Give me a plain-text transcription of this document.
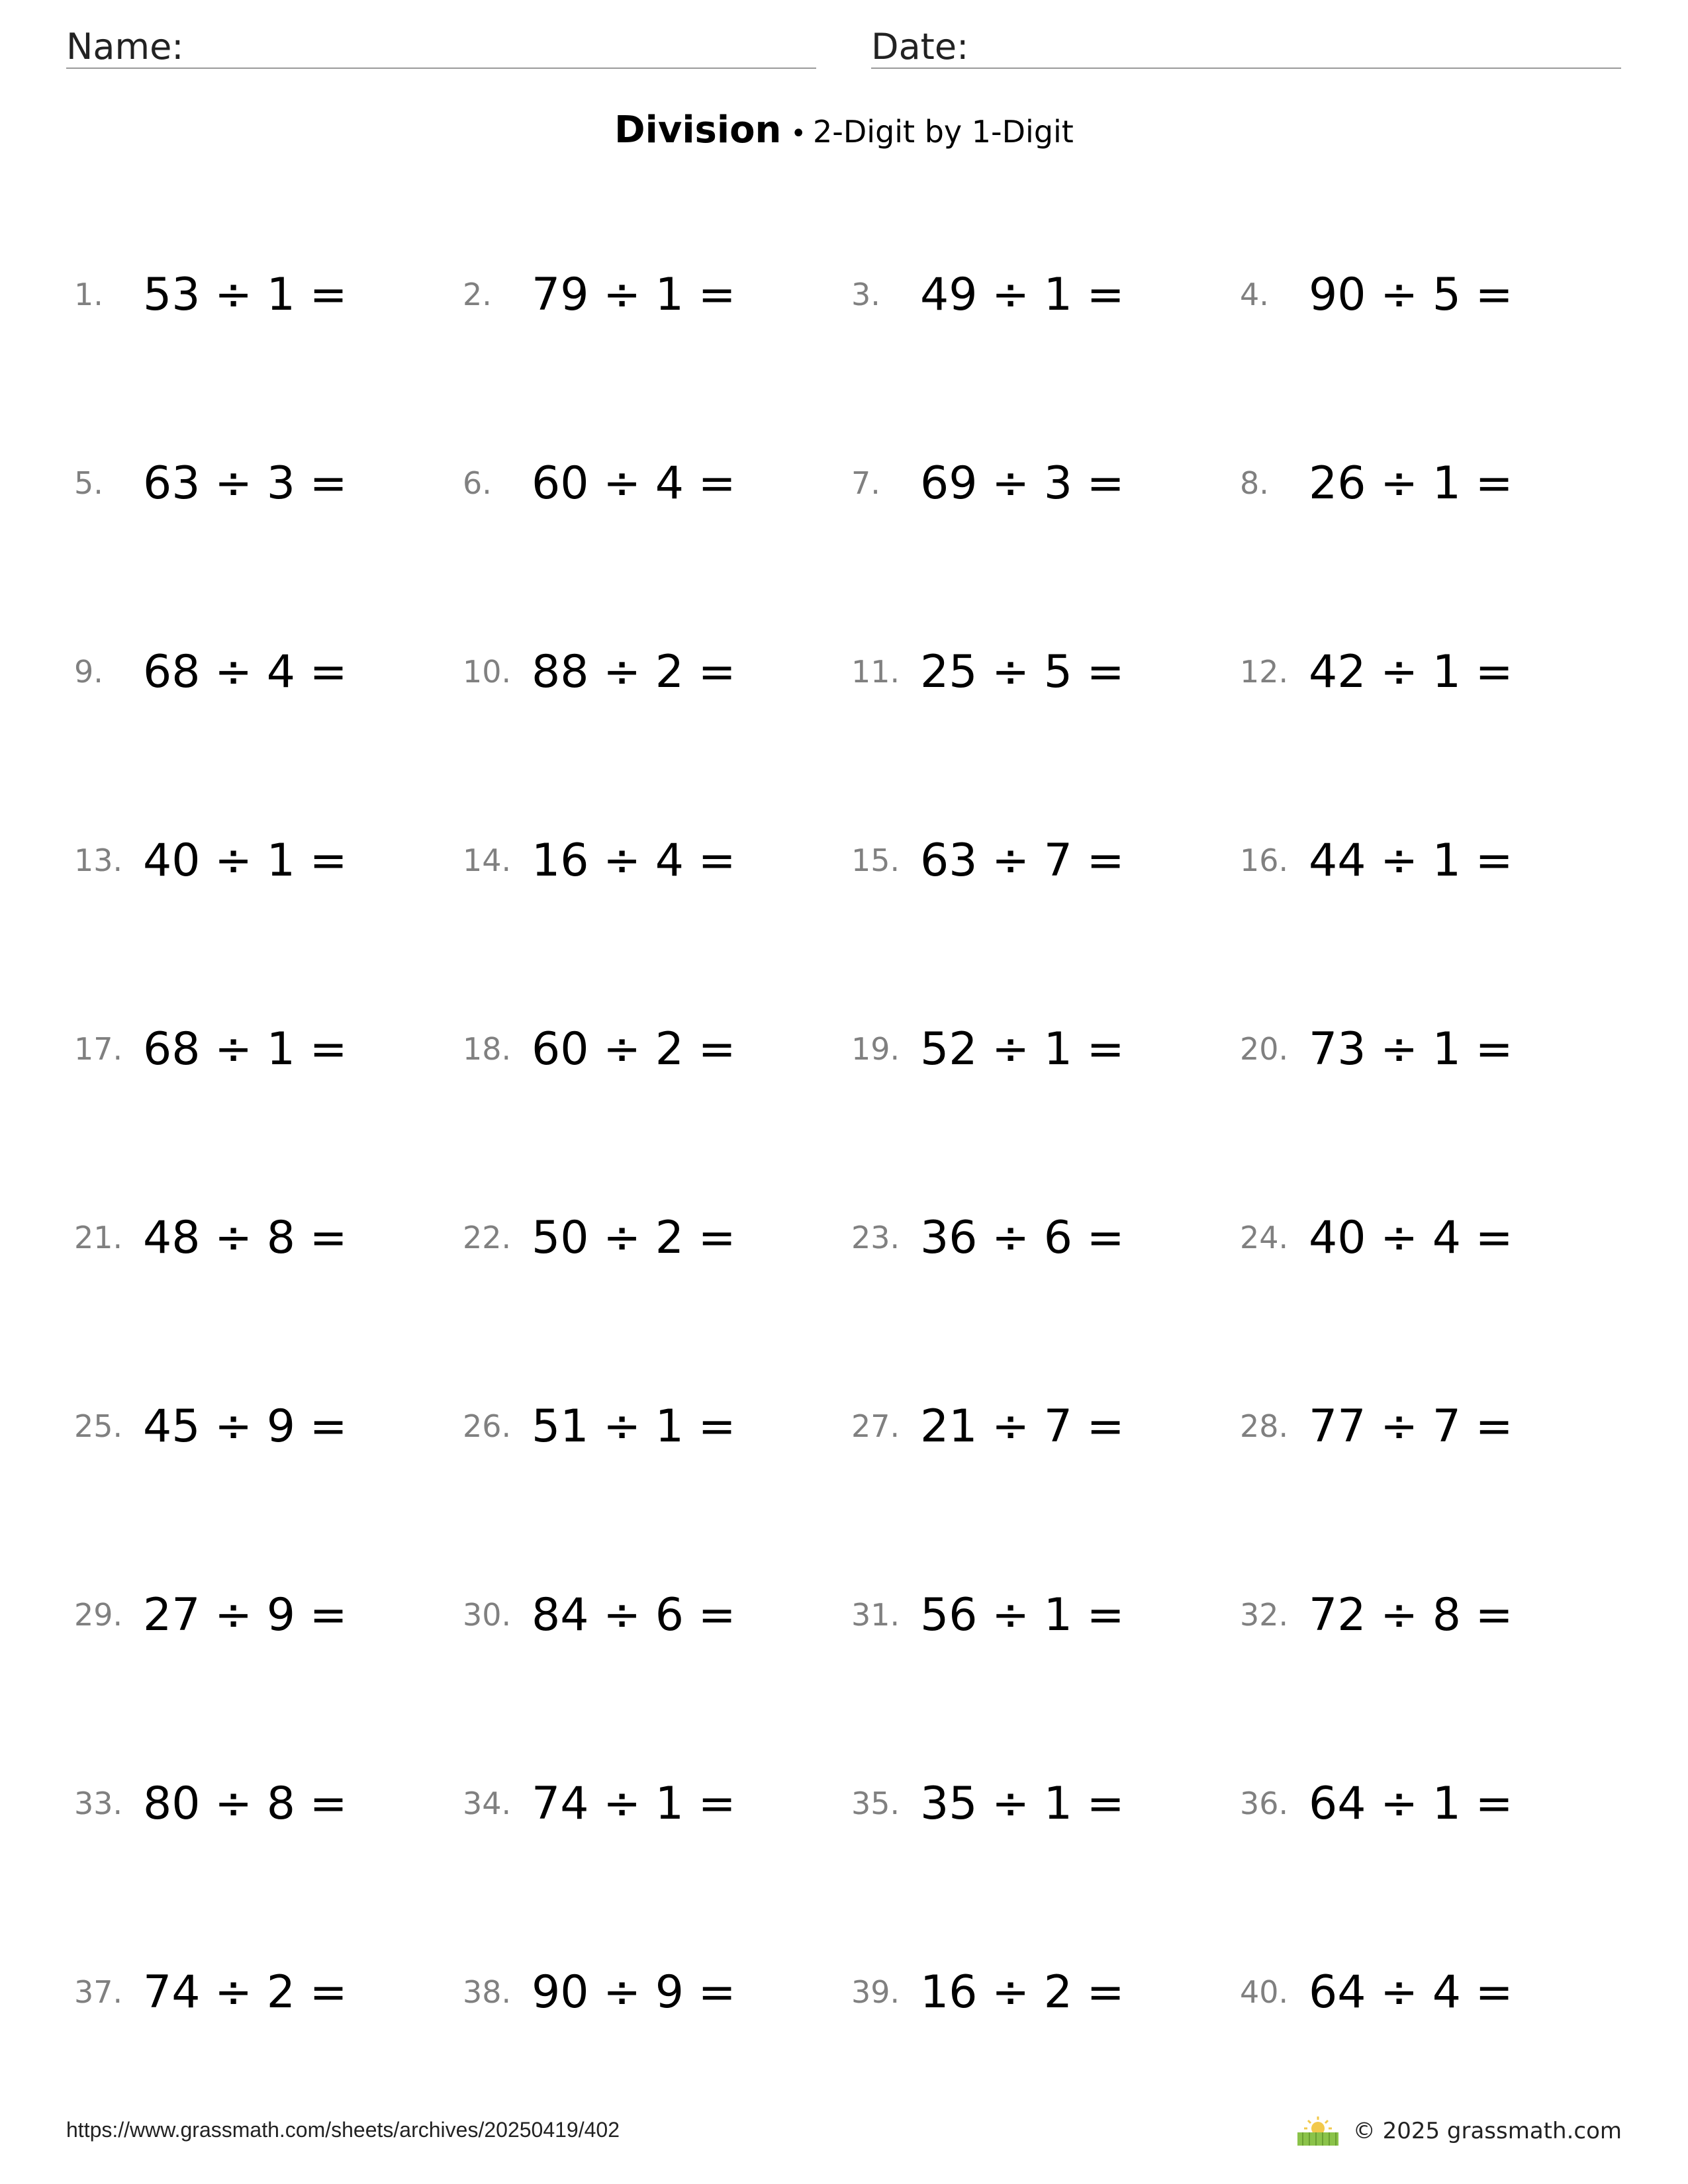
Name:	Date:
Division • 2-Digit by 1-Digit
1. 53 ÷ 1 =	2. 79 ÷ 1 =	3. 49 ÷ 1 =	4. 90 ÷ 5 =
5. 63 ÷ 3 =	6. 60 ÷ 4 =	7. 69 ÷ 3 =	8. 26 ÷ 1 =
9. 68 ÷ 4 =	10. 88 ÷ 2 =	11. 25 ÷ 5 =	12. 42 ÷ 1 =
13. 40 ÷ 1 =	14. 16 ÷ 4 =	15. 63 ÷ 7 =	16. 44 ÷ 1 =
17. 68 ÷ 1 =	18. 60 ÷ 2 =	19. 52 ÷ 1 =	20. 73 ÷ 1 =
21. 48 ÷ 8 =	22. 50 ÷ 2 =	23. 36 ÷ 6 =	24. 40 ÷ 4 =
25. 45 ÷ 9 =	26. 51 ÷ 1 =	27. 21 ÷ 7 =	28. 77 ÷ 7 =
29. 27 ÷ 9 =	30. 84 ÷ 6 =	31. 56 ÷ 1 =	32. 72 ÷ 8 =
33. 80 ÷ 8 =	34. 74 ÷ 1 =	35. 35 ÷ 1 =	36. 64 ÷ 1 =
37. 74 ÷ 2 =	38. 90 ÷ 9 =	39. 16 ÷ 2 =	40. 64 ÷ 4 =
https://www.grassmath.com/sheets/archives/20250419/402	© 2025 grassmath.com
